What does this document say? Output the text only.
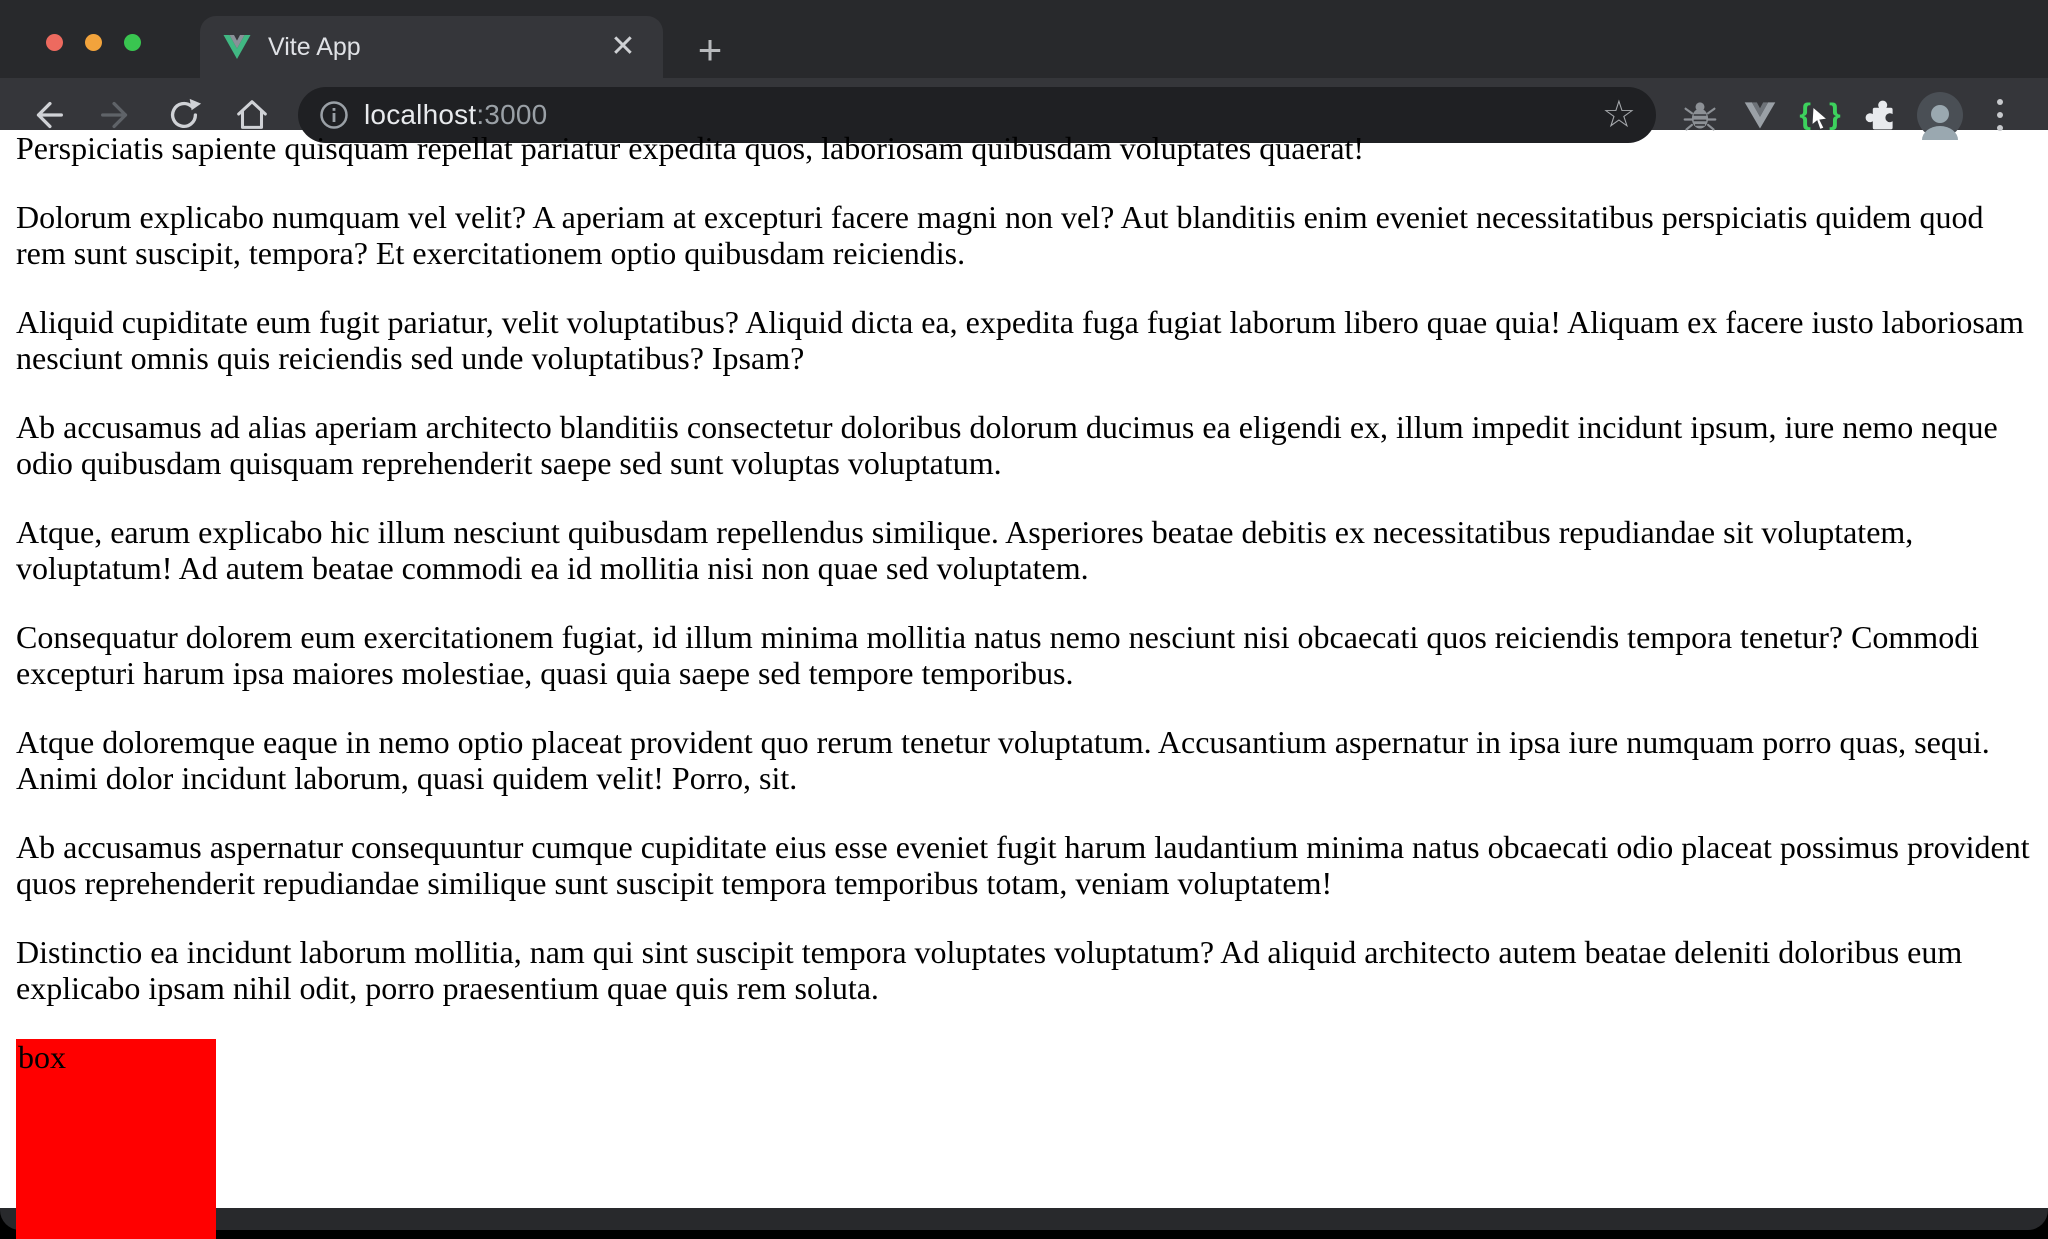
Vite App	✕ +
localhost:3000	☆	{ }

Perspiciatis sapiente quisquam repellat pariatur expedita quos, laboriosam quibusdam voluptates quaerat!

Dolorum explicabo numquam vel velit? A aperiam at excepturi facere magni non vel? Aut blanditiis enim eveniet necessitatibus perspiciatis quidem quod rem sunt suscipit, tempora? Et exercitationem optio quibusdam reiciendis.

Aliquid cupiditate eum fugit pariatur, velit voluptatibus? Aliquid dicta ea, expedita fuga fugiat laborum libero quae quia! Aliquam ex facere iusto laboriosam nesciunt omnis quis reiciendis sed unde voluptatibus? Ipsam?

Ab accusamus ad alias aperiam architecto blanditiis consectetur doloribus dolorum ducimus ea eligendi ex, illum impedit incidunt ipsum, iure nemo neque odio quibusdam quisquam reprehenderit saepe sed sunt voluptas voluptatum.

Atque, earum explicabo hic illum nesciunt quibusdam repellendus similique. Asperiores beatae debitis ex necessitatibus repudiandae sit voluptatem, voluptatum! Ad autem beatae commodi ea id mollitia nisi non quae sed voluptatem.

Consequatur dolorem eum exercitationem fugiat, id illum minima mollitia natus nemo nesciunt nisi obcaecati quos reiciendis tempora tenetur? Commodi excepturi harum ipsa maiores molestiae, quasi quia saepe sed tempore temporibus.

Atque doloremque eaque in nemo optio placeat provident quo rerum tenetur voluptatum. Accusantium aspernatur in ipsa iure numquam porro quas, sequi. Animi dolor incidunt laborum, quasi quidem velit! Porro, sit.

Ab accusamus aspernatur consequuntur cumque cupiditate eius esse eveniet fugit harum laudantium minima natus obcaecati odio placeat possimus provident quos reprehenderit repudiandae similique sunt suscipit tempora temporibus totam, veniam voluptatem!

Distinctio ea incidunt laborum mollitia, nam qui sint suscipit tempora voluptates voluptatum? Ad aliquid architecto autem beatae deleniti doloribus eum explicabo ipsam nihil odit, porro praesentium quae quis rem soluta.

box
